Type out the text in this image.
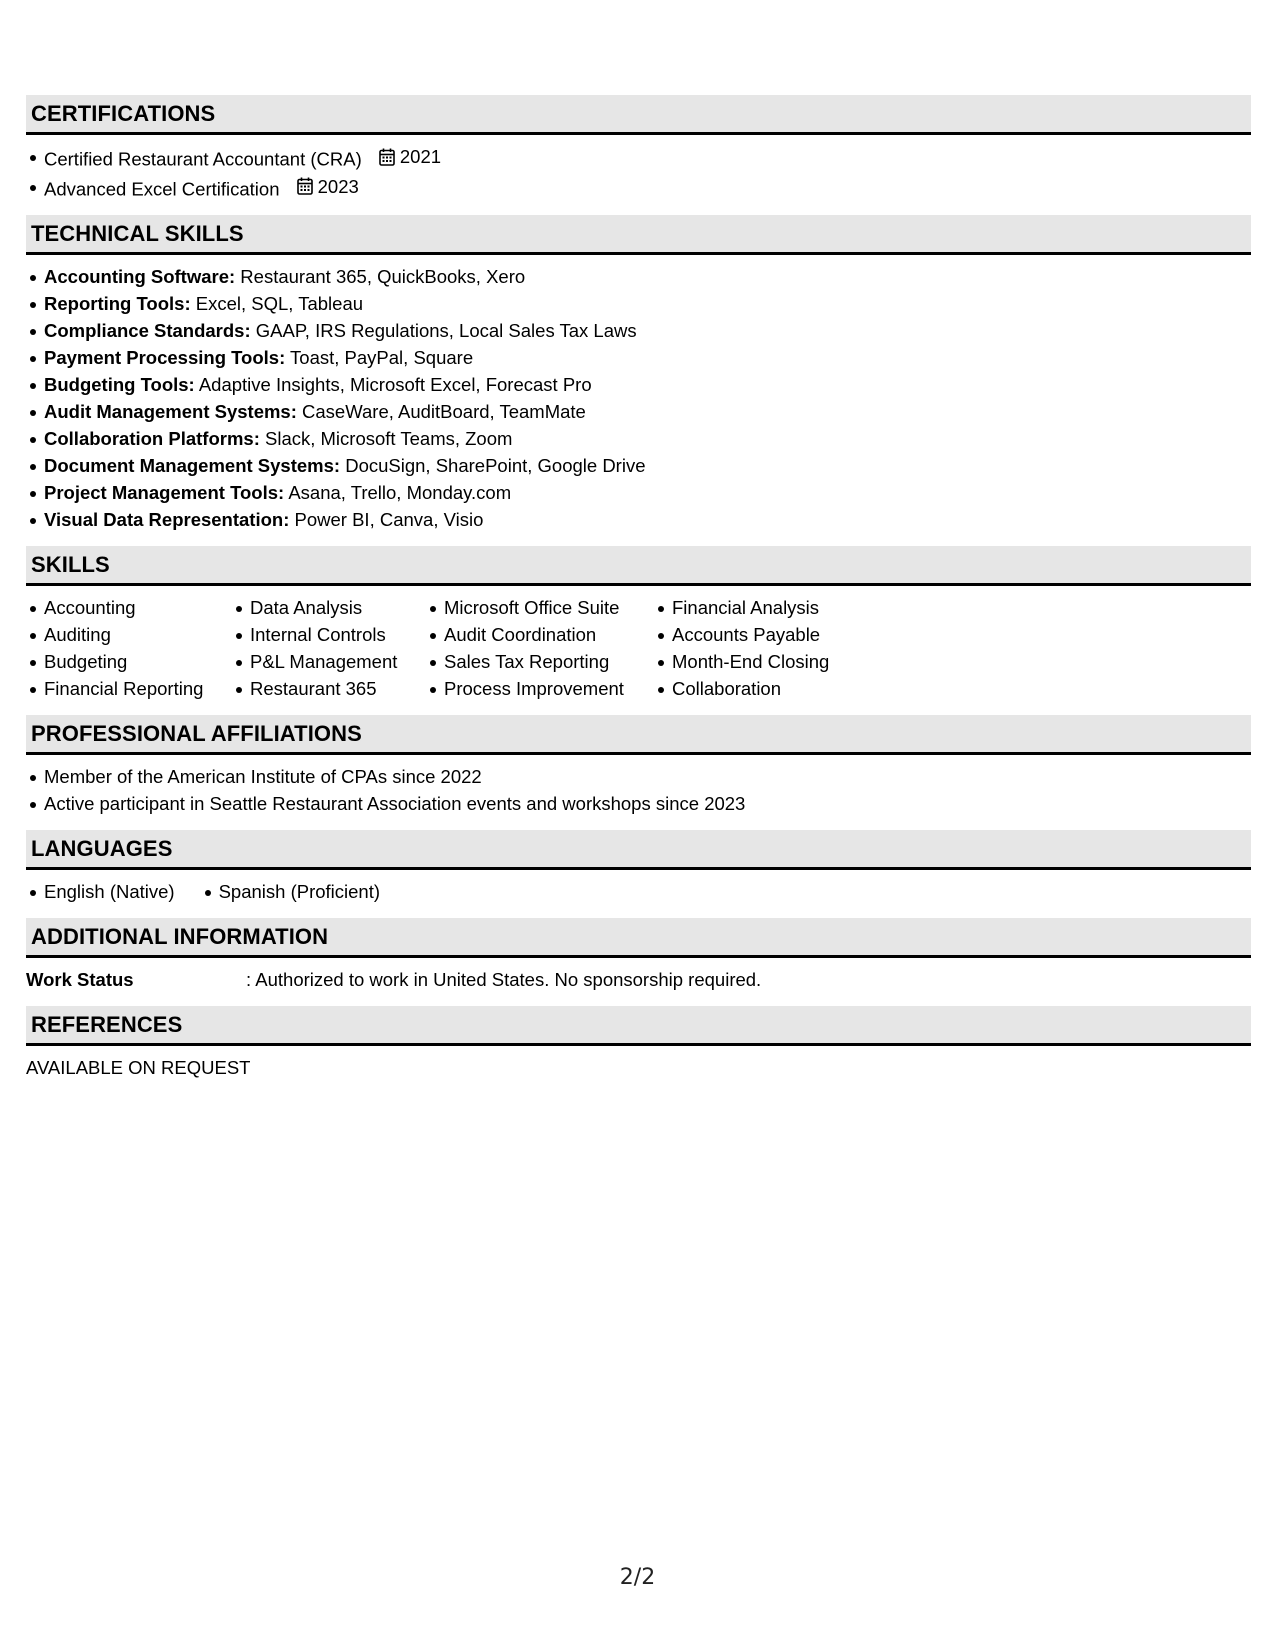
CERTIFICATIONS
Certified Restaurant Accountant (CRA) 2021
Advanced Excel Certification 2023
TECHNICAL SKILLS
Accounting Software: Restaurant 365, QuickBooks, Xero
Reporting Tools: Excel, SQL, Tableau
Compliance Standards: GAAP, IRS Regulations, Local Sales Tax Laws
Payment Processing Tools: Toast, PayPal, Square
Budgeting Tools: Adaptive Insights, Microsoft Excel, Forecast Pro
Audit Management Systems: CaseWare, AuditBoard, TeamMate
Collaboration Platforms: Slack, Microsoft Teams, Zoom
Document Management Systems: DocuSign, SharePoint, Google Drive
Project Management Tools: Asana, Trello, Monday.com
Visual Data Representation: Power BI, Canva, Visio
SKILLS
Accounting
Auditing
Budgeting
Financial Reporting
Data Analysis
Internal Controls
P&L Management
Restaurant 365
Microsoft Office Suite
Audit Coordination
Sales Tax Reporting
Process Improvement
Financial Analysis
Accounts Payable
Month-End Closing
Collaboration
PROFESSIONAL AFFILIATIONS
Member of the American Institute of CPAs since 2022
Active participant in Seattle Restaurant Association events and workshops since 2023
LANGUAGES
English (Native) Spanish (Proficient)
ADDITIONAL INFORMATION
Work Status	: Authorized to work in United States. No sponsorship required.
REFERENCES
AVAILABLE ON REQUEST
2/2
